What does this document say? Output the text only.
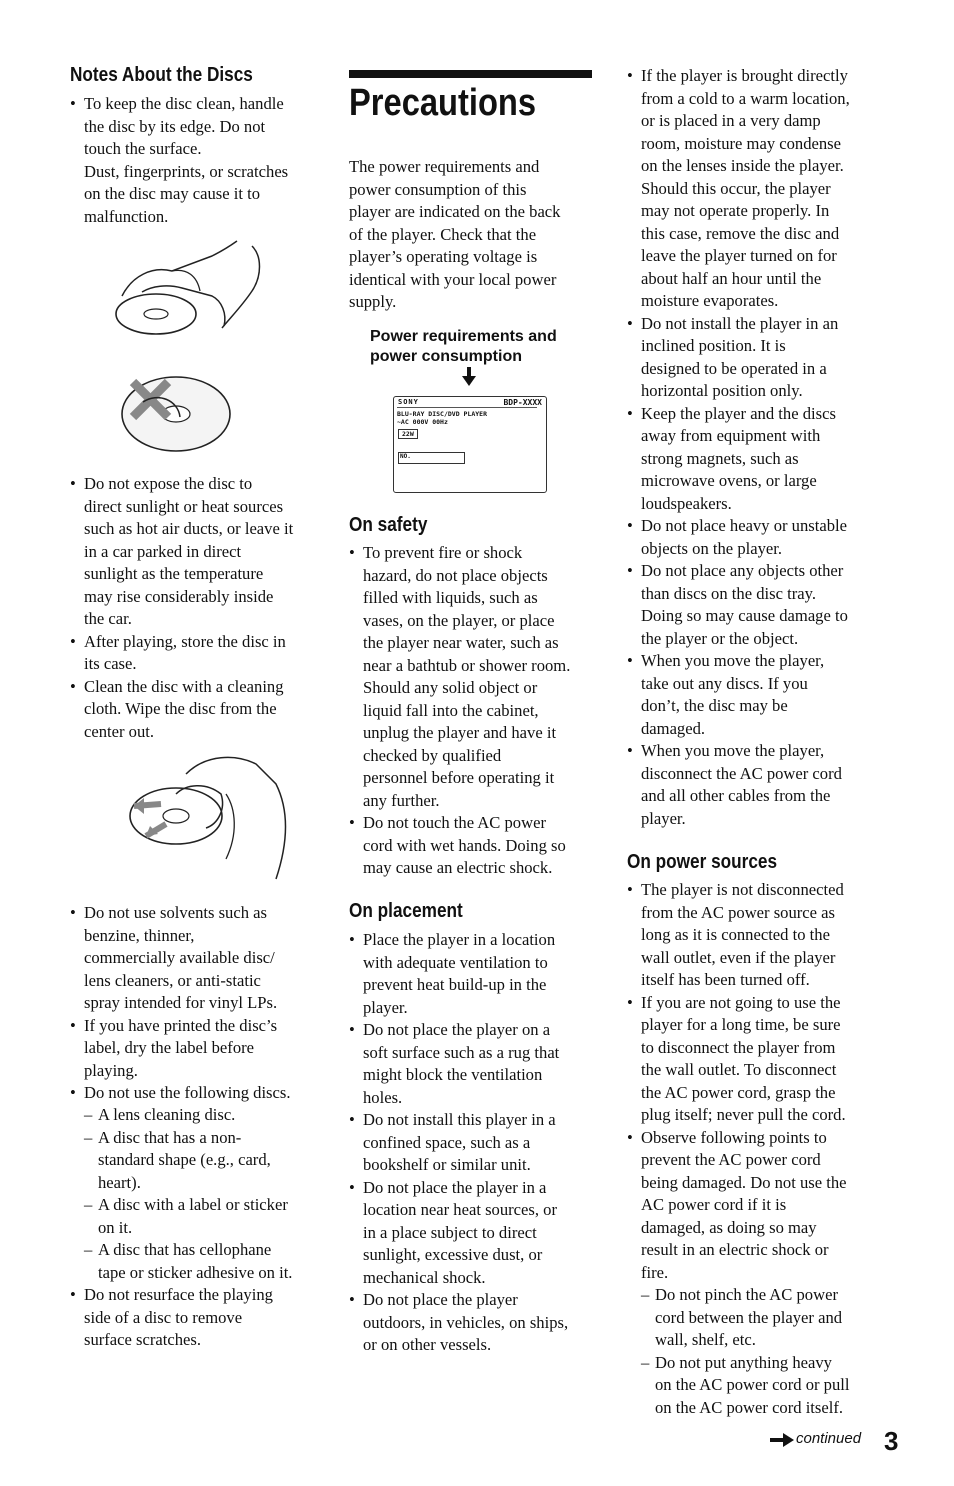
Notes About the Discs
• To keep the disc clean, handle
the disc by its edge. Do not
touch the surface.
Dust, fingerprints, or scratches
on the disc may cause it to
malfunction.
• Do not expose the disc to
direct sunlight or heat sources
such as hot air ducts, or leave it
in a car parked in direct
sunlight as the temperature
may rise considerably inside
the car.
• After playing, store the disc in
its case.
• Clean the disc with a cleaning
cloth. Wipe the disc from the
center out.
• Do not use solvents such as
benzine, thinner,
commercially available disc/
lens cleaners, or anti-static
spray intended for vinyl LPs.
• If you have printed the disc’s
label, dry the label before
playing.
• Do not use the following discs.
– A lens cleaning disc.
– A disc that has a non-
standard shape (e.g., card,
heart).
– A disc with a label or sticker
on it.
– A disc that has cellophane
tape or sticker adhesive on it.
• Do not resurface the playing
side of a disc to remove
surface scratches.
Precautions
The power requirements and
power consumption of this
player are indicated on the back
of the player. Check that the
player’s operating voltage is
identical with your local power
supply.
Power requirements and
power consumption
SONY	BDP-XXXX
BLU-RAY DISC/DVD PLAYER
~AC 000V 00Hz
22W
NO.
On safety
• To prevent fire or shock
hazard, do not place objects
filled with liquids, such as
vases, on the player, or place
the player near water, such as
near a bathtub or shower room.
Should any solid object or
liquid fall into the cabinet,
unplug the player and have it
checked by qualified
personnel before operating it
any further.
• Do not touch the AC power
cord with wet hands. Doing so
may cause an electric shock.
On placement
• Place the player in a location
with adequate ventilation to
prevent heat build-up in the
player.
• Do not place the player on a
soft surface such as a rug that
might block the ventilation
holes.
• Do not install this player in a
confined space, such as a
bookshelf or similar unit.
• Do not place the player in a
location near heat sources, or
in a place subject to direct
sunlight, excessive dust, or
mechanical shock.
• Do not place the player
outdoors, in vehicles, on ships,
or on other vessels.
• If the player is brought directly
from a cold to a warm location,
or is placed in a very damp
room, moisture may condense
on the lenses inside the player.
Should this occur, the player
may not operate properly. In
this case, remove the disc and
leave the player turned on for
about half an hour until the
moisture evaporates.
• Do not install the player in an
inclined position. It is
designed to be operated in a
horizontal position only.
• Keep the player and the discs
away from equipment with
strong magnets, such as
microwave ovens, or large
loudspeakers.
• Do not place heavy or unstable
objects on the player.
• Do not place any objects other
than discs on the disc tray.
Doing so may cause damage to
the player or the object.
• When you move the player,
take out any discs. If you
don’t, the disc may be
damaged.
• When you move the player,
disconnect the AC power cord
and all other cables from the
player.
On power sources
• The player is not disconnected
from the AC power source as
long as it is connected to the
wall outlet, even if the player
itself has been turned off.
• If you are not going to use the
player for a long time, be sure
to disconnect the player from
the wall outlet. To disconnect
the AC power cord, grasp the
plug itself; never pull the cord.
• Observe following points to
prevent the AC power cord
being damaged. Do not use the
AC power cord if it is
damaged, as doing so may
result in an electric shock or
fire.
– Do not pinch the AC power
cord between the player and
wall, shelf, etc.
– Do not put anything heavy
on the AC power cord or pull
on the AC power cord itself.
continued 3
